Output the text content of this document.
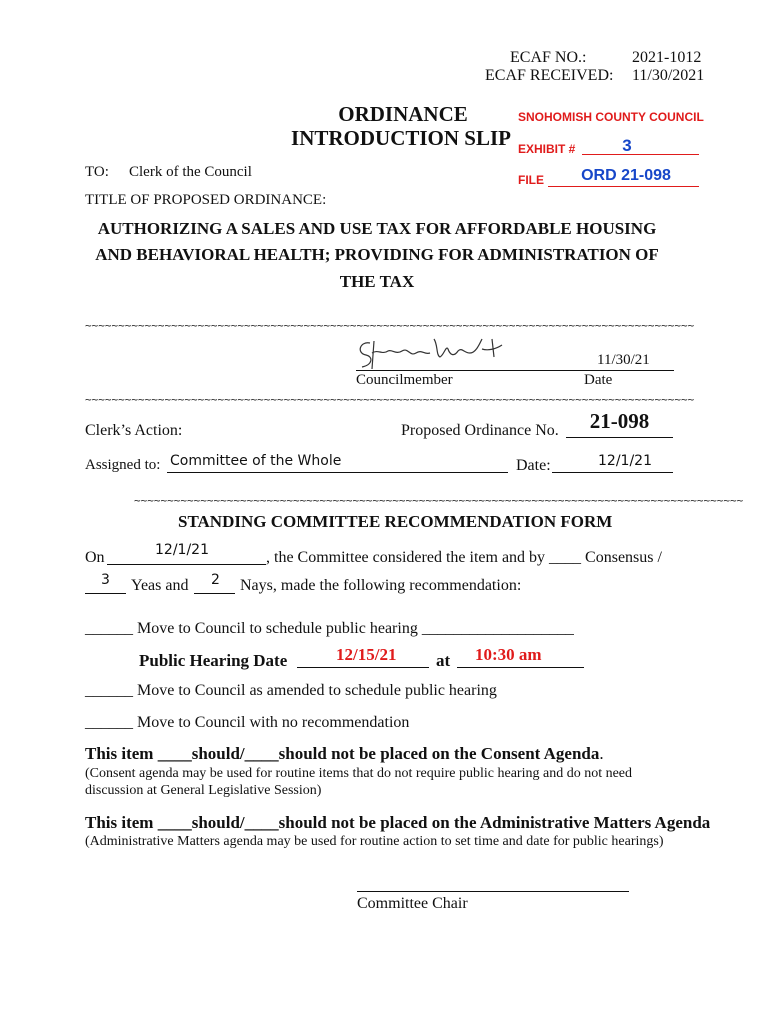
ECAF NO.:	2021-1012
ECAF RECEIVED: 11/30/2021
ORDINANCE
INTRODUCTION SLIP
SNOHOMISH COUNTY COUNCIL
EXHIBIT #	3
FILE	ORD 21-098
TO: Clerk of the Council
TITLE OF PROPOSED ORDINANCE:
AUTHORIZING A SALES AND USE TAX FOR AFFORDABLE HOUSING
AND BEHAVIORAL HEALTH; PROVIDING FOR ADMINISTRATION OF
THE TAX
~~~~~~~~~~~~~~~~~~~~~~~~~~~~~~~~~~~~~~~~~~~~~~~~~~~~~~~~~~~~~~~~~~~~~~~~~~~~~~~~~~~~~~~~~~~~
Councilmember
11/30/21
Date
~~~~~~~~~~~~~~~~~~~~~~~~~~~~~~~~~~~~~~~~~~~~~~~~~~~~~~~~~~~~~~~~~~~~~~~~~~~~~~~~~~~~~~~~~~~~
Clerk’s Action:	Proposed Ordinance No.	21-098
Assigned to: Committee of the Whole	Date:	12/1/21
~~~~~~~~~~~~~~~~~~~~~~~~~~~~~~~~~~~~~~~~~~~~~~~~~~~~~~~~~~~~~~~~~~~~~~~~~~~~~~~~~~~~~~~~~~~~
STANDING COMMITTEE RECOMMENDATION FORM
On	12/1/21	, the Committee considered the item and by ____ Consensus /
3 Yeas and 2 Nays, made the following recommendation:
______ Move to Council to schedule public hearing ___________________
Public Hearing Date	12/15/21 at 10:30 am
______ Move to Council as amended to schedule public hearing
______ Move to Council with no recommendation
This item ____should/____should not be placed on the Consent Agenda.
(Consent agenda may be used for routine items that do not require public hearing and do not need
discussion at General Legislative Session)
This item ____should/____should not be placed on the Administrative Matters Agenda
(Administrative Matters agenda may be used for routine action to set time and date for public hearings)
Committee Chair
